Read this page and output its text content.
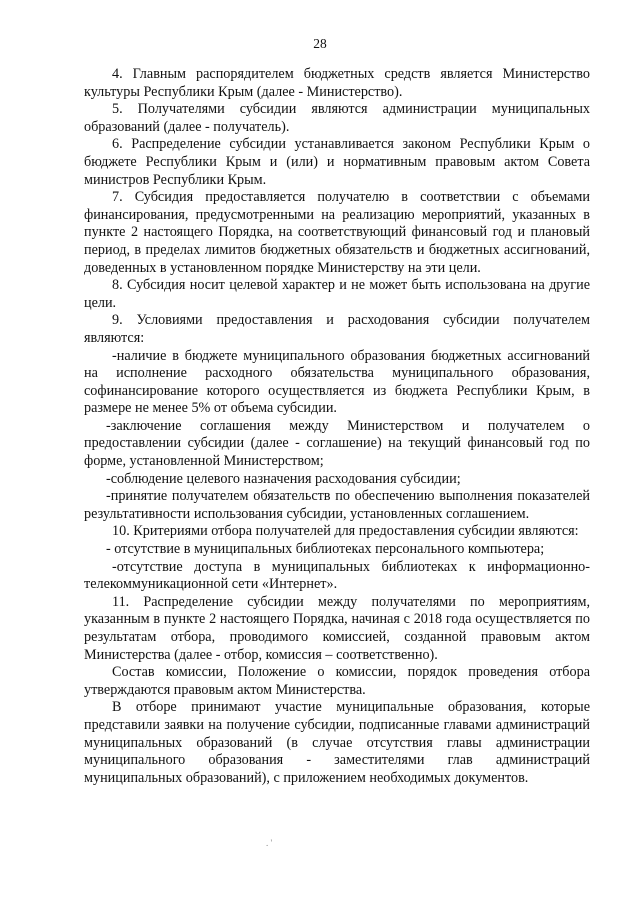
28

4. Главным распорядителем бюджетных средств является Министерство культуры Республики Крым (далее - Министерство).

5. Получателями субсидии являются администрации муниципальных образований (далее - получатель).

6. Распределение субсидии устанавливается законом Республики Крым о бюджете Республики Крым и (или) и нормативным правовым актом Совета министров Республики Крым.

7. Субсидия предоставляется получателю в соответствии с объемами финансирования, предусмотренными на реализацию мероприятий, указанных в пункте 2 настоящего Порядка, на соответствующий финансовый год и плановый период, в пределах лимитов бюджетных обязательств и бюджетных ассигнований, доведенных в установленном порядке Министерству на эти цели.

8. Субсидия носит целевой характер и не может быть использована на другие цели.

9. Условиями предоставления и расходования субсидии получателем являются:

-наличие в бюджете муниципального образования бюджетных ассигнований на исполнение расходного обязательства муниципального образования, софинансирование которого осуществляется из бюджета Республики Крым, в размере не менее 5% от объема субсидии.

-заключение соглашения между Министерством и получателем о предоставлении субсидии (далее - соглашение) на текущий финансовый год по форме, установленной Министерством;

-соблюдение целевого назначения расходования субсидии;

-принятие получателем обязательств по обеспечению выполнения показателей результативности использования субсидии, установленных соглашением.

10. Критериями отбора получателей для предоставления субсидии являются:

- отсутствие в муниципальных библиотеках персонального компьютера;

-отсутствие доступа в муниципальных библиотеках к информационно-телекоммуникационной сети «Интернет».

11. Распределение субсидии между получателями по мероприятиям, указанным в пункте 2 настоящего Порядка, начиная с 2018 года осуществляется по результатам отбора, проводимого комиссией, созданной правовым актом Министерства (далее - отбор, комиссия – соответственно).

Состав комиссии, Положение о комиссии, порядок проведения отбора утверждаются правовым актом Министерства.

В отборе принимают участие муниципальные образования, которые представили заявки на получение субсидии, подписанные главами администраций муниципальных образований (в случае отсутствия главы администрации муниципального образования - заместителями глав администраций муниципальных образований), с приложением необходимых документов.

. '
